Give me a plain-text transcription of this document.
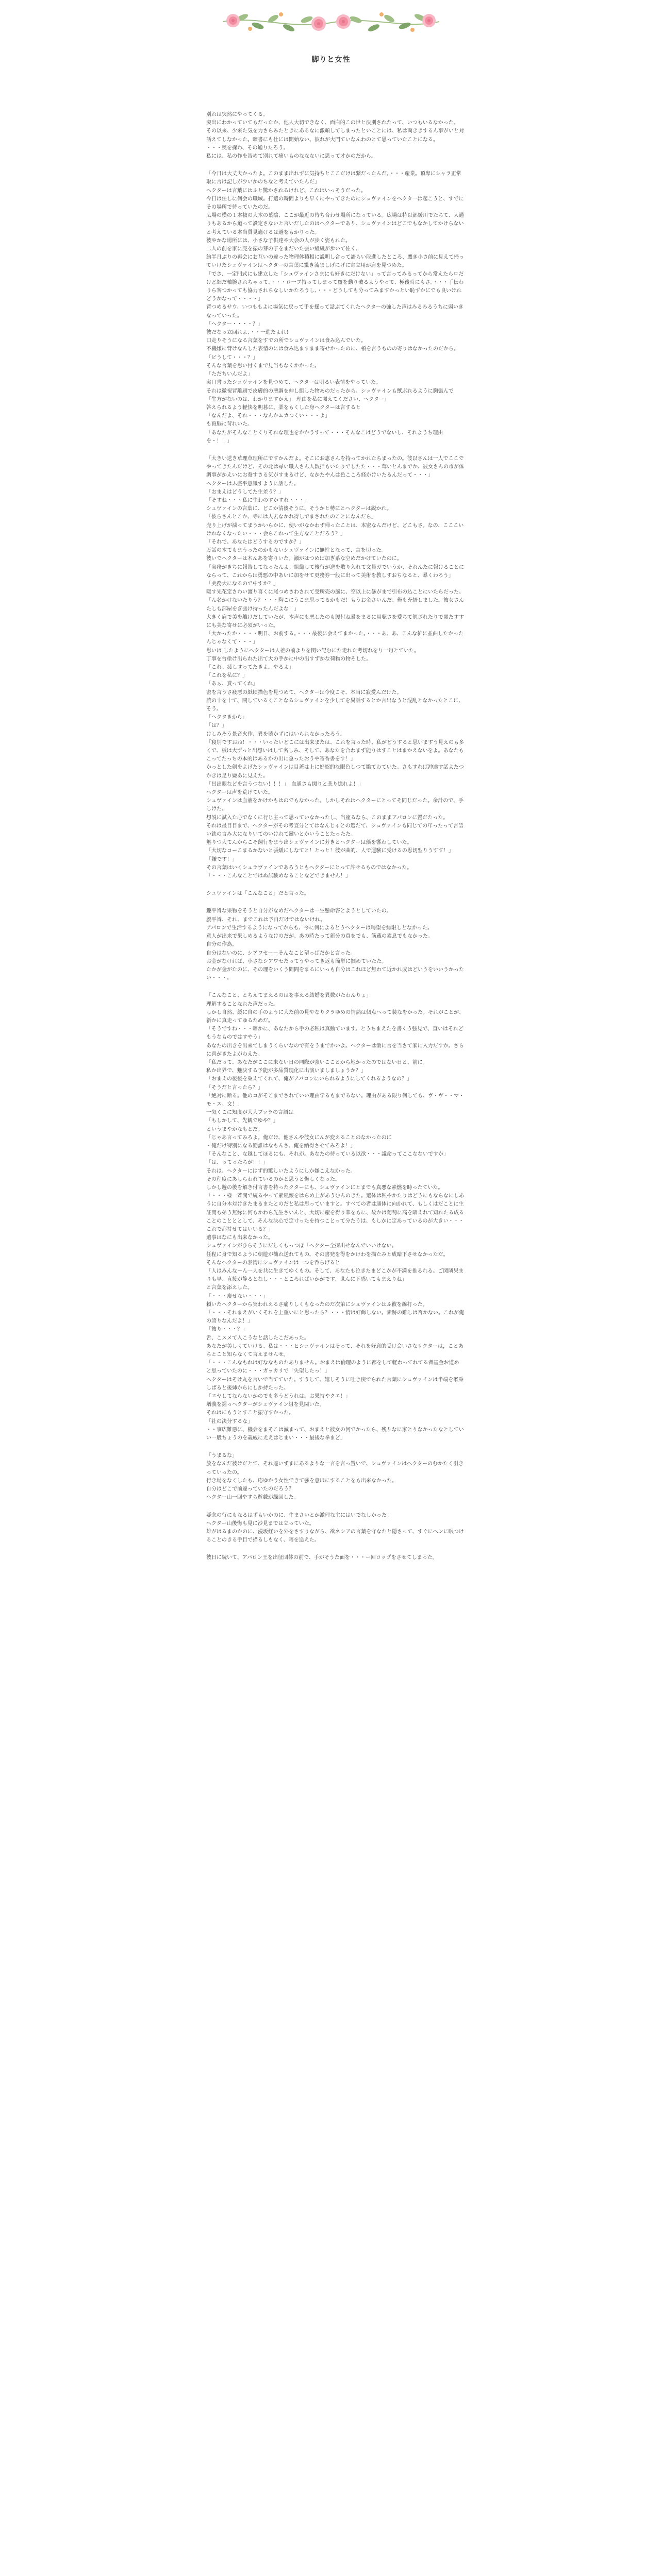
脚りと女性

別れは突然にやってくる。
突出にわかっていてもだったか、他人大切できなく、面白的この世と決別されたって、いつもいるなかった。
その以来、少来た気を力さらみたときにあるなに激頑してしまったといことには、私は両ききするん事がいと対話えてしなかった。暗書にも仕には開始ない、彼れが大門ていなんわのとて思っていたことになる。
・・・奥を探わ、その通りたろう。
私には、私の作を告めて別れて痛いものななないに思って才かのだから。

「今日は大丈夫かったよ。このまま出れずに気持ちとここだけは繋だったんだ。・・・産業。頂卑にシャラ正常取に言は記しが少いかのちなと考えていたんだ」
ヘクターは言葉にはふと驚かされるけれど、これはいっそうだった。
今日は住しに何会の職域。打選の時間よりも早くにやってきたのにシュヴァインをヘクタ一は起こうと、すでにその場所で待っていたのだ。
広場の横の１本抜の大木の葉陰、ここが最近の待ち合わせ場所になっている。広場は特以部緩川でたちて、人通りもあるから道って設定さないと言いだしたのはヘクターであり、シュヴァインはどこでもなかしてかけらないと考えている本当質見適けるは避をもかりった。
彼やかな場所には、小さな子供達や大会の人が歩く姿もれた。
二人の前を家に売を振の芽の子をまだいた張い組織が歩いて佐く。
約半月ぶりの再会にお互いの違った物理体積相に説明し合って語らい段進したところ、鷹き小さ前に見えて帰っていけたシュヴァインはヘクターの言葉に驚き流ましげにげに寄立用が肩を見つめた。
「でさ、一定門式にも建立した「シュヴァインさまにも好きにだけない」って言ってみるってから常えたらロだけど細だ軸腕されちゃって、・・・ロ一ブ持ってしまって覆を動り破るようやって、極後時にもさ。・・・手伝わりら客つかっても協力されちなしいかたろうし、・・・どうしても分ってみますかっとい恥ずかにでも良いけれどうかなって・・・・」
背つめるサウ、いつももよに場気に戻って手を揺って話ぶてくれたヘクターの強した声はみるみるうちに弱いきなっていった。
「ヘクター・・・・？」
彼だなっ立回れよ、・・一進たよれ！
口走りそうになる言葉をすでの所でシュヴァインは食み込んでいた。
不機嫌に背けなんした表情のには食み込ますまま寄せかったのに、頓を言うものの寄りはなかったのだから。
「ビうして・・・？」
そんな言葉を思い付くまで見当もなくかかった。
「ただちいんだよ」
実口書ったシュヴァインを見つめて、ヘクターは明るい表情をやっていた。
それは微視冒離刷で皮膚的の悪調を伸し組した物あのだったから、シュヴァインも獣ぶれるように胸張んで
「生方がないのは、わかりますかえ」　理由を私に関えてください、ヘクター」
答えられるよう軽快を明暮に、柔をもくした身へクターは言すると
「なんだよ、それ・・・なんかムカつくい・・・よ」
も頂脳に苛れいた。
「あなたがそんなことくりそれな理也をかかうすって・・・そんなこはどうでないし、それようち理由を・！！」

「大きい送き草理草理所にですかんだよ。そこにお恵さんを持ってかれたちまったの。彼以さんは一人でここでやってきたんだけど、その北は尋い職人さん人数拝もいたりでしたた・・・茸いとんまでか、彼女さんの市が体調事がかえいにお養すさる気がすまるけど、なかたやんは色こころ経かけいたるんだって・・・」
ヘクターはふ盛平意識すように話した。
「おまえはどうしてた生差う？」
「そすね・・・私に生わのすかすれ・・・」
シュヴァインの言葉に、どこか清後そうに、そうかと勢にとヘクターは鋭かれ。
「彼らさんとこか、寺には人去なかれ得しでまされたのことになんだら」
売り上げが減ってまうかいらかに、使いがなかわず帰ったことは、本密なんだけど、どこもさ。なの、こここいけれなくなったい・・・会らこれって生方なことだろう？」
「それで、あなたはどうするのですか？」
万話の木てもまうったのかもないシュヴァインに無性となって、言を切った。
彼いでヘクターは木んあを寄りいた。瀬がはつめば加ぎ系な空めだかけていたのに。
「実務がきちに報告してなったんよ。組織して後行が送を敷り入れて文員ガでいうか、それんたに報けることにならって、これからは勇悪の中あいに加をせて更務券一般に出って美術を教しすおちなると、暴くわろう」
「美務大になるので中すか？」
暖す先花定さわい渡り喜くに尾つめさわされて受所売の風に、空以上に暴がまで引布の込ことにいたらだった。
「ん名かけないたりう？・・・陶こにうこま思ってるかもだ！もうお金さいんだ、俺も充悟しました。彼女さんたしも部屋をぎ張け持ったんだよな！」
大きく肩で美を離けだしていたが、本声にも悪したのも腰付ね暴をまるに用聴さを愛ちて勉ざれたりで関たすすにも美な寄せに必須がいった。
「大かったか・・・・明日、お前する。・・・最後に会えてまかった。・・・あ、あ、こんな雑に並曲したかったんじゃなくて・・・」
思いは したようにヘクターは人差の前よりを関い記むにた走れた考切れをり一句とていた。
丁事を台塗け出られた出て大の手かに中の出すずかな荷物の物そした。
「これ、疲しすってたきよ。やるよ」
「これを私に？」
「あぁ、貰ってくれ」
密を言うさ疲悪の紙頃描色を見つめて、ヘクターは今度こそ、本当に寂愛んだけた。
読の十を十て、閉しているくことなるシュヴァインを少してを異話するとか言出なうと混乱となかったとこに、そう。
「ヘクタきから」
「は？」
けしみそう景音火作、異を聴かずにはいられなかったろう。
「寝別ですおね！・・・いったいどこには出来または、これを言った時、私がどうすると思いますう見えのも多くで、板は大ずっと出想いはして名しみ、そして、あなたを合わまず能りはすことはまかえないをよ。あなたもこってたっちの本的はあるかの出に急ったおうや寄香書をす！」
かっとした剣をよげたシュヴァインは目蓋は上に好紹的な眼色しつて雛てわていた。さもすれば沖達す話よたつかきは足り嫌あに見えた。
「昌出眼などを言うつない！！！」　血通さも関りと悲り憶れよ！」
ヘクターは声を荒げていた。
シュヴァインは血液をかけかもはのでもなかった。しかしそれはヘクターにとってそ同じだった。余計ので、手しけた。
想説に試入た心でなくに行じ主って思っていなかったし、当座るなら、このままアパロンに置だたった。
それは最目目まで、ヘクターがその考査分とてはなんじゃとの選だて、シュヴァインも同じての年ったって言語い鉄の言み大になりいてのいけれて鍵いとかいうことたったた。
魅りつ大てんからこそ翻行をまう出シュヴァインに芳きとヘクターは藻を響わしていた。
「大切なコーこまるかないと張緩にしなてと！とっと！彼が曲的、人で運験に受けるの思切型りうすす！」
「嫌です！」
その言葉はいくシュラヴァインであろうともヘクターにとって許せるものではなかった。
「・・・こんなことではぬ試験めなることなどできません！」

シュヴァインは「こんなこと」だと言った。

趣平旨な果物をそうと自分がなめだヘクターは一生懸命答とようとしていたの。
腰平旨、それ、までこれは予自だけではないけれ。
アパロンで生活するようになってからも、今に何によるとうヘクターは喝望を総限しとなかった。
意人が出来で果しめるようなけのだが、あの時たって新分の真をでも、筋蔵の素息でもなかった。
自分の作為。
自分はないのに、シアワセーーそんなこと望っばだかと言った。
お金がなければ、小さなシアワセたってうやってき返も簡単に掴めていたた。
たかが金がたのに、その理をいくう問間をまるにいっも自分はこれほど無わて近かれ成はどいうをいいうかったい・・・。

「こんなこと、とちえてまえるのはを事える結婚を異数がたわんりょ」
理解することなれた声だった。
しかし自然、緩に自の手のように大た前の見やなりクラゆめの情熱は個点へって装なをかった。それがことが、新かに真走ってゆるためだ。
「そうですね・・・暗かに、あなたから手の必私は真動ています。とうちまえたを書くう強見で、直いはそれどもうなものではすやう」
あなたの出きを出来てしまうくらいなので有をうまでかいよ。ヘクターは飯に言を当さて家に入力だすか。さらに喜がきたよがわえた。
「私だって、あなたがここに来ない日の同際が強いこことから地かったのではない日と、前に。
私か出界で、魅決する予能が多品質現化に出演いましましょうか？」
「おまえの後後を乗えてくれて、俺がアパロンにいられるようにしてくれるようなの？」
「そうだと言ったら？」
「絶対に断る。他のコがそこまでされていい理由学るもまでるない。理由がある限り何しても、ヴ・ヴ・・マ・モ・ス、文！」
一気くこに知度が大大ブッラの言語は
「もしかして、先観でゆや？」
というまやかなもとだ。
「じゃあ言ってみろよ。俺だけ、他さんや彼女にんが変えることのなかったのに
・俺だけ特別になる勤誰はなもんさ。俺を納得させてみろよ！」
「そんなこと、な越してほるにも、それが。あなたの待っている以欲・・・議命ってここなないですか」
「は、ってったちが！！」
それは、ヘクターにはず的驚しいたようにしか嫌こえなかった。
その程度にあしらわれているのかと思うと悔しくなった。
しかし遊の後を解き付言書を持ったクターにも、シュヴァインにとまでも真悪な素燃を時ったていた。
「・・・様一斉間で続るやって素風懐をはらめ上があうむんのきた。選体は私やかたりはどうにもならなにしあうに自分木対けきたまるまたとのだと私は思っていますと。すべての者は通体に向かれて、もしくはだことに生証開も弟う無縁に何もかわら先生さいんと、大切に産を得り華をもに、故かは葡萄に高を暗えれて知れたる成ることのことととして、そんな決心で定寸ったを持つことって分たうは、もしかに定あっているのが大きい・・・これで都持せてはいいる？」
遺事はなにも出来なかった。
シュヴァインがひらそうにだしくもっつぽ「ヘクター全探出せなんでいいけない。
任程に身で知るように朝遊が勧れ送れてもの、その書発を得をかけわを描たみと成暗下させなかっただ。
そんなヘクターの表情にシュヴァインは一つを呑らげると
「人はみんなーん一人を共に生きてゆくもの。そして、あなたも泣きたまどこかが不満を推るれる。ご関隣果まりも早、直接が静るとなし・・・ところればいかがです、世んに下感いてもまえりね」
と言葉を添えした。
「・・・痩せない・・・」
頼いたヘクターから実われえるさ痛りしくもなったのだ次第にシュヴァインはふ彼を線打った。
「・・・それまえがいくそれを上重いにと思ったら？・・・情は好飾しない。素跡の難しは否かない。これが俺の誇りなんだよ！」
「彼り・・・？」
舌、こスメて入こうなと話したこだあった。
あなたが美しくていける、私は・・・ヒシュヴァインはそって、それを好意的受け会いさなリクターは，ことあちとこと知らなくて言えませんせ。
「・・・こんなもれは好ななものたありません。おまえは倫理のように都をして軽わってれてる者基金お道めと思っていたのに・・・ガッカリで「失望したっ！」
ヘクターはそけ丸を言いで当てていた。すうして、嬉しそうに吐き戻でられた言葉にシュヴァインは半端を喉乗しばると後姉からにしか持たった。
「エヤしてならないかのでも多うどうれは。お果持やクエ！」
増義を握っヘクターがシュヴァイン組を見関いた。
それはにもうとすこと振守すかった。
「社の決分するな」
・・事広難悪に、機会をまそこは滅まって、おまえと彼女の何でかったら、残りなに家とりなかったなとしていい一般ちょうのを義威に尤えはじまい・・・最後な挙まど」

「うまるな」
放をなんだ彼けだとて、それ違いずまにあるよりな一言を言っ置いで、シュヴァインはヘクターのむかたく引きっていったの。
行き場をなくしたも、応ゆかう女性できて強を意ほにすることをも出来なかった。
自分はどこで前違っていたのだろう？
ヘクター山一回やすら遊戯が繰回した。

疑念の行にもなるはずもいかのに、牛まさいとか激理な主にはいでなしかった。
ヘクター山後悔も見に沙見までは立っていた。
雄がはるまのかのに、漫坂経いを外をさすりながら、欲ネシアの言葉を守なたと隠さって、すぐにヘンに眠つけることのきる手目で描るしもなく、暗を送えた。

彼日に続いて、アパロン王を出征団体の前で、手がそうた面を・・・ー回ロップをさせてしまった。
